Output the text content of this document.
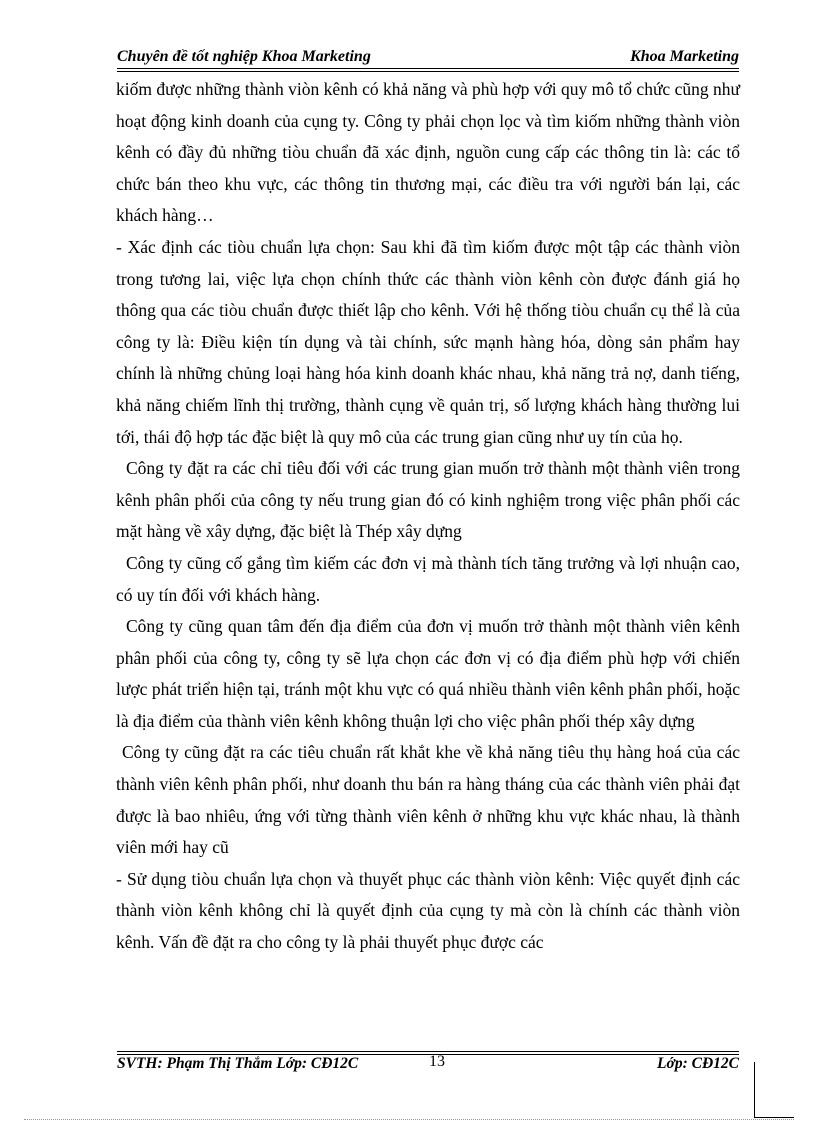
Chuyên đề tốt nghiệp Khoa Marketing	Khoa Marketing

kiốm được những thành viòn kênh có khả năng và phù hợp với quy mô tổ chức cũng như hoạt động kinh doanh của cụng ty. Công ty phải chọn lọc và tìm kiốm những thành viòn kênh có đầy đủ những tiòu chuẩn đã xác định, nguồn cung cấp các thông tin là: các tổ chức bán theo khu vực, các thông tin thương mại, các điều tra với người bán lại, các khách hàng…

- Xác định các tiòu chuẩn lựa chọn: Sau khi đã tìm kiốm được một tập các thành viòn trong tương lai, việc lựa chọn chính thức các thành viòn kênh còn được đánh giá họ thông qua các tiòu chuẩn được thiết lập cho kênh. Với hệ thống tiòu chuẩn cụ thể là của công ty là: Điều kiện tín dụng và tài chính, sức mạnh hàng hóa, dòng sản phẩm hay chính là những chủng loại hàng hóa kinh doanh khác nhau, khả năng trả nợ, danh tiếng, khả năng chiếm lĩnh thị trường, thành cụng về quản trị, số lượng khách hàng thường lui tới, thái độ hợp tác đặc biệt là quy mô của các trung gian cũng như uy tín của họ.

Công ty đặt ra các chỉ tiêu đối với các trung gian muốn trở thành một thành viên trong kênh phân phối của công ty nếu trung gian đó có kinh nghiệm trong việc phân phối các mặt hàng về xây dựng, đặc biệt là Thép xây dựng

Công ty cũng cố gắng tìm kiếm các đơn vị mà thành tích tăng trưởng và lợi nhuận cao, có uy tín đối với khách hàng.

Công ty cũng quan tâm đến địa điểm của đơn vị muốn trở thành một thành viên kênh phân phối của công ty, công ty sẽ lựa chọn các đơn vị có địa điểm phù hợp với chiến lược phát triển hiện tại, tránh một khu vực có quá nhiều thành viên kênh phân phối, hoặc là địa điểm của thành viên kênh không thuận lợi cho việc phân phối thép xây dựng

Công ty cũng đặt ra các tiêu chuẩn rất khắt khe về khả năng tiêu thụ hàng hoá của các thành viên kênh phân phối, như doanh thu bán ra hàng tháng của các thành viên phải đạt được là bao nhiêu, ứng với từng thành viên kênh ở những khu vực khác nhau, là thành viên mới hay cũ

- Sử dụng tiòu chuẩn lựa chọn và thuyết phục các thành viòn kênh: Việc quyết định các thành viòn kênh không chỉ là quyết định của cụng ty mà còn là chính các thành viòn kênh. Vấn đề đặt ra cho công ty là phải thuyết phục được các

SVTH: Phạm Thị Thắm Lớp: CĐ12C	13	Lớp: CĐ12C
